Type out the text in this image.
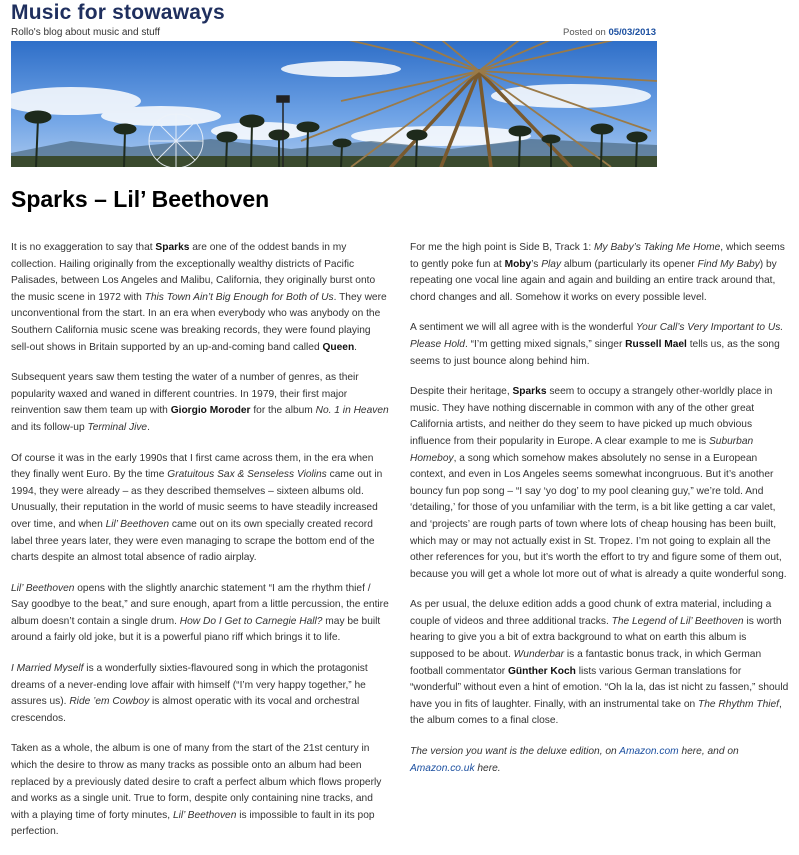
Music for stowaways
Rollo's blog about music and stuff	Posted on 05/03/2013
Sparks – Lil’ Beethoven

It is no exaggeration to say that Sparks are one of the oddest bands in my collection. Hailing originally from the exceptionally wealthy districts of Pacific Palisades, between Los Angeles and Malibu, California, they originally burst onto the music scene in 1972 with This Town Ain’t Big Enough for Both of Us. They were unconventional from the start. In an era when everybody who was anybody on the Southern California music scene was breaking records, they were found playing sell-out shows in Britain supported by an up-and-coming band called Queen.

Subsequent years saw them testing the water of a number of genres, as their popularity waxed and waned in different countries. In 1979, their first major reinvention saw them team up with Giorgio Moroder for the album No. 1 in Heaven and its follow-up Terminal Jive.

Of course it was in the early 1990s that I first came across them, in the era when they finally went Euro. By the time Gratuitous Sax & Senseless Violins came out in 1994, they were already – as they described themselves – sixteen albums old. Unusually, their reputation in the world of music seems to have steadily increased over time, and when Lil’ Beethoven came out on its own specially created record label three years later, they were even managing to scrape the bottom end of the charts despite an almost total absence of radio airplay.

Lil’ Beethoven opens with the slightly anarchic statement “I am the rhythm thief / Say goodbye to the beat,” and sure enough, apart from a little percussion, the entire album doesn’t contain a single drum. How Do I Get to Carnegie Hall? may be built around a fairly old joke, but it is a powerful piano riff which brings it to life.

I Married Myself is a wonderfully sixties-flavoured song in which the protagonist dreams of a never-ending love affair with himself (“I’m very happy together,” he assures us). Ride ’em Cowboy is almost operatic with its vocal and orchestral crescendos.

Taken as a whole, the album is one of many from the start of the 21st century in which the desire to throw as many tracks as possible onto an album had been replaced by a previously dated desire to craft a perfect album which flows properly and works as a single unit. True to form, despite only containing nine tracks, and with a playing time of forty minutes, Lil’ Beethoven is impossible to fault in its pop perfection.

For me the high point is Side B, Track 1: My Baby’s Taking Me Home, which seems to gently poke fun at Moby’s Play album (particularly its opener Find My Baby) by repeating one vocal line again and again and building an entire track around that, chord changes and all. Somehow it works on every possible level.

A sentiment we will all agree with is the wonderful Your Call’s Very Important to Us. Please Hold. “I’m getting mixed signals,” singer Russell Mael tells us, as the song seems to just bounce along behind him.

Despite their heritage, Sparks seem to occupy a strangely other-worldly place in music. They have nothing discernable in common with any of the other great California artists, and neither do they seem to have picked up much obvious influence from their popularity in Europe. A clear example to me is Suburban Homeboy, a song which somehow makes absolutely no sense in a European context, and even in Los Angeles seems somewhat incongruous. But it’s another bouncy fun pop song – “I say ‘yo dog’ to my pool cleaning guy,” we’re told. And ‘detailing,’ for those of you unfamiliar with the term, is a bit like getting a car valet, and ‘projects’ are rough parts of town where lots of cheap housing has been built, which may or may not actually exist in St. Tropez. I’m not going to explain all the other references for you, but it’s worth the effort to try and figure some of them out, because you will get a whole lot more out of what is already a quite wonderful song.

As per usual, the deluxe edition adds a good chunk of extra material, including a couple of videos and three additional tracks. The Legend of Lil’ Beethoven is worth hearing to give you a bit of extra background to what on earth this album is supposed to be about. Wunderbar is a fantastic bonus track, in which German football commentator Günther Koch lists various German translations for “wonderful” without even a hint of emotion. “Oh la la, das ist nicht zu fassen,” should have you in fits of laughter. Finally, with an instrumental take on The Rhythm Thief, the album comes to a final close.

The version you want is the deluxe edition, on Amazon.com here, and on Amazon.co.uk here.
